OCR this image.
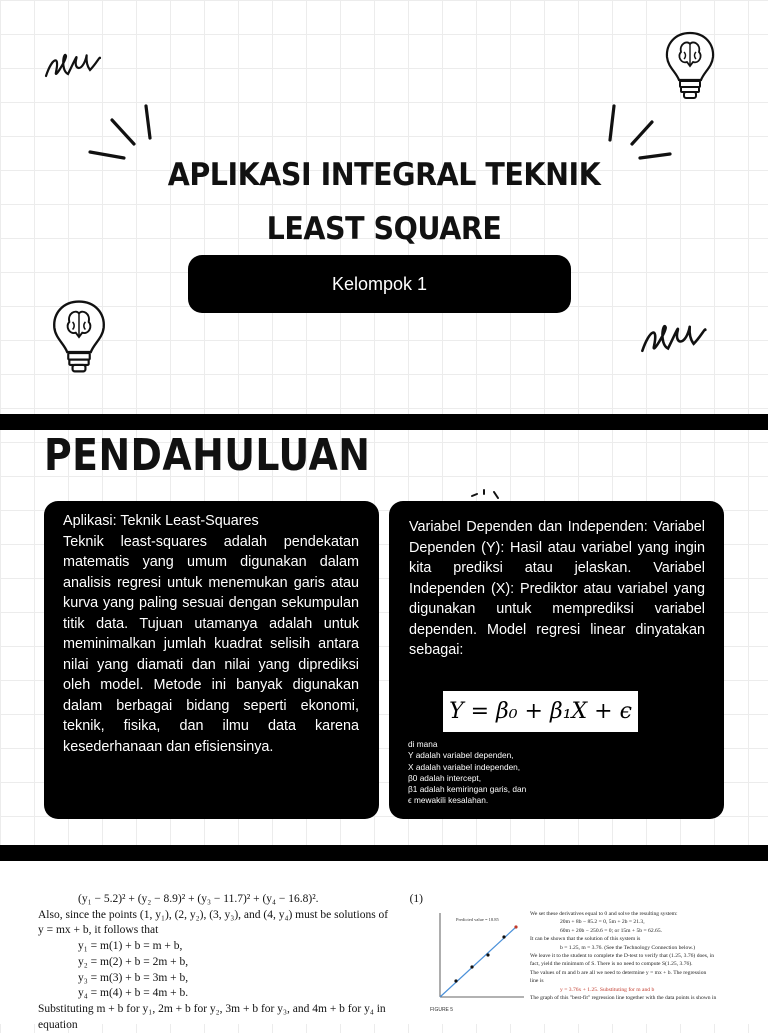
APLIKASI INTEGRAL TEKNIK LEAST SQUARE
Kelompok 1
PENDAHULUAN
Aplikasi: Teknik Least-Squares
Teknik least-squares adalah pendekatan matematis yang umum digunakan dalam analisis regresi untuk menemukan garis atau kurva yang paling sesuai dengan sekumpulan titik data. Tujuan utamanya adalah untuk meminimalkan jumlah kuadrat selisih antara nilai yang diamati dan nilai yang diprediksi oleh model. Metode ini banyak digunakan dalam berbagai bidang seperti ekonomi, teknik, fisika, dan ilmu data karena kesederhanaan dan efisiensinya.
Variabel Dependen dan Independen: Variabel Dependen (Y): Hasil atau variabel yang ingin kita prediksi atau jelaskan. Variabel Independen (X): Prediktor atau variabel yang digunakan untuk memprediksi variabel dependen. Model regresi linear dinyatakan sebagai:
Y = β₀ + β₁X + ϵ
di mana
Y adalah variabel dependen,
X adalah variabel independen,
β0 adalah intercept,
β1 adalah kemiringan garis, dan
ϵ mewakili kesalahan.
(y₁ − 5.2)² + (y₂ − 8.9)² + (y₃ − 11.7)² + (y₄ − 16.8)².	(1)
Also, since the points (1, y₁), (2, y₂), (3, y₃), and (4, y₄) must be solutions of
y = mx + b, it follows that
y₁ = m(1) + b = m + b,
y₂ = m(2) + b = 2m + b,
y₃ = m(3) + b = 3m + b,
y₄ = m(4) + b = 4m + b.
Substituting m + b for y₁, 2m + b for y₂, 3m + b for y₃, and 4m + b for y₄ in equation
Predicted value = 18.85
FIGURE 5
We set these derivatives equal to 0 and solve the resulting system:
20m + 8b − 85.2 = 0, 5m + 2b = 21.3,
60m + 20b − 250.6 = 0; or 15m + 5b = 62.65.
It can be shown that the solution of this system is
b = 1.25, m = 3.76. (See the Technology Connection below.)
We leave it to the student to complete the D-test to verify that (1.25, 3.76) does, in
fact, yield the minimum of S. There is no need to compute S(1.25, 3.76).
The values of m and b are all we need to determine y = mx + b. The regression
line is
y = 3.76x + 1.25. Substituting for m and b
The graph of this "best-fit" regression line together with the data points is shown in
